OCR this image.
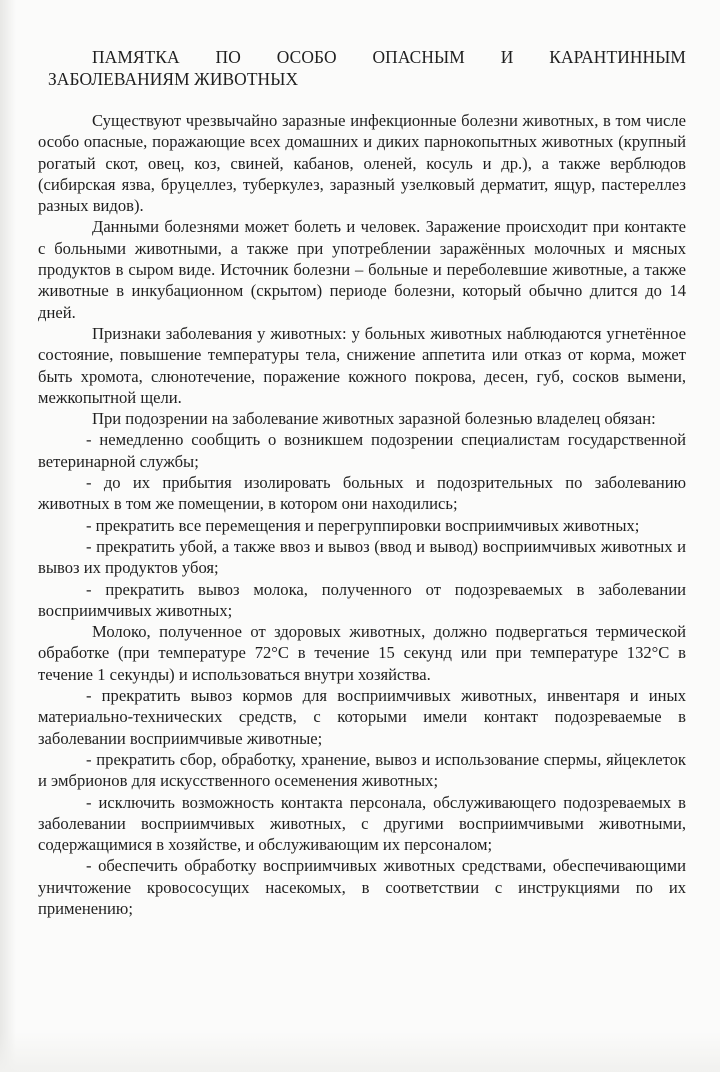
ПАМЯТКА ПО ОСОБО ОПАСНЫМ И КАРАНТИННЫМ
ЗАБОЛЕВАНИЯМ ЖИВОТНЫХ

Существуют чрезвычайно заразные инфекционные болезни животных, в том числе особо опасные, поражающие всех домашних и диких парнокопытных животных (крупный рогатый скот, овец, коз, свиней, кабанов, оленей, косуль и др.), а также верблюдов (сибирская язва, бруцеллез, туберкулез, заразный узелковый дерматит, ящур, пастереллез разных видов).

Данными болезнями может болеть и человек. Заражение происходит при контакте с больными животными, а также при употреблении заражённых молочных и мясных продуктов в сыром виде. Источник болезни – больные и переболевшие животные, а также животные в инкубационном (скрытом) периоде болезни, который обычно длится до 14 дней.

Признаки заболевания у животных: у больных животных наблюдаются угнетённое состояние, повышение температуры тела, снижение аппетита или отказ от корма, может быть хромота, слюнотечение, поражение кожного покрова, десен, губ, сосков вымени, межкопытной щели.

При подозрении на заболевание животных заразной болезнью владелец обязан:

- немедленно сообщить о возникшем подозрении специалистам государственной ветеринарной службы;

- до их прибытия изолировать больных и подозрительных по заболеванию животных в том же помещении, в котором они находились;

- прекратить все перемещения и перегруппировки восприимчивых животных;

- прекратить убой, а также ввоз и вывоз (ввод и вывод) восприимчивых животных и вывоз их продуктов убоя;

- прекратить вывоз молока, полученного от подозреваемых в заболевании восприимчивых животных;

Молоко, полученное от здоровых животных, должно подвергаться термической обработке (при температуре 72°С в течение 15 секунд или при температуре 132°С в течение 1 секунды) и использоваться внутри хозяйства.

- прекратить вывоз кормов для восприимчивых животных, инвентаря и иных материально-технических средств, с которыми имели контакт подозреваемые в заболевании восприимчивые животные;

- прекратить сбор, обработку, хранение, вывоз и использование спермы, яйцеклеток и эмбрионов для искусственного осеменения животных;

- исключить возможность контакта персонала, обслуживающего подозреваемых в заболевании восприимчивых животных, с другими восприимчивыми животными, содержащимися в хозяйстве, и обслуживающим их персоналом;

- обеспечить обработку восприимчивых животных средствами, обеспечивающими уничтожение кровососущих насекомых, в соответствии с инструкциями по их применению;
